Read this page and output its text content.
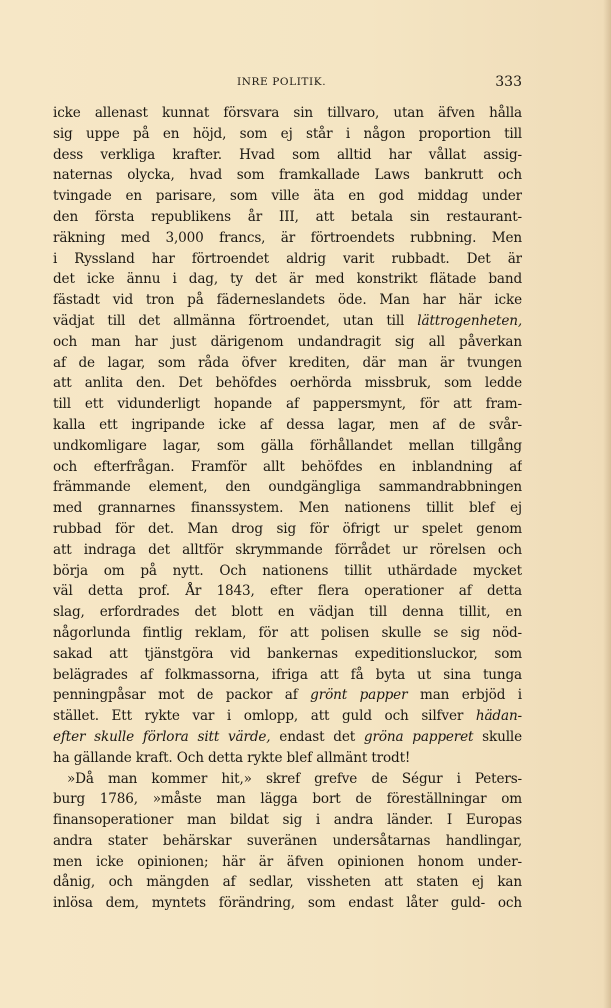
INRE POLITIK.	333
icke allenast kunnat försvara sin tillvaro, utan äfven hålla
sig uppe på en höjd, som ej står i någon proportion till
dess verkliga krafter. Hvad som alltid har vållat assig-
naternas olycka, hvad som framkallade Laws bankrutt och
tvingade en parisare, som ville äta en god middag under
den första republikens år III, att betala sin restaurant-
räkning med 3,000 francs, är förtroendets rubbning. Men
i Ryssland har förtroendet aldrig varit rubbadt. Det är
det icke ännu i dag, ty det är med konstrikt flätade band
fästadt vid tron på fäderneslandets öde. Man har här icke
vädjat till det allmänna förtroendet, utan till lättrogenheten,
och man har just därigenom undandragit sig all påverkan
af de lagar, som råda öfver krediten, där man är tvungen
att anlita den. Det behöfdes oerhörda missbruk, som ledde
till ett vidunderligt hopande af pappersmynt, för att fram-
kalla ett ingripande icke af dessa lagar, men af de svår-
undkomligare lagar, som gälla förhållandet mellan tillgång
och efterfrågan. Framför allt behöfdes en inblandning af
främmande element, den oundgängliga sammandrabbningen
med grannarnes finanssystem. Men nationens tillit blef ej
rubbad för det. Man drog sig för öfrigt ur spelet genom
att indraga det alltför skrymmande förrådet ur rörelsen och
börja om på nytt. Och nationens tillit uthärdade mycket
väl detta prof. År 1843, efter flera operationer af detta
slag, erfordrades det blott en vädjan till denna tillit, en
någorlunda fintlig reklam, för att polisen skulle se sig nöd-
sakad att tjänstgöra vid bankernas expeditionsluckor, som
belägrades af folkmassorna, ifriga att få byta ut sina tunga
penningpåsar mot de packor af grönt papper man erbjöd i
stället. Ett rykte var i omlopp, att guld och silfver hädan-
efter skulle förlora sitt värde, endast det gröna papperet skulle
ha gällande kraft. Och detta rykte blef allmänt trodt!
»Då man kommer hit,» skref grefve de Ségur i Peters-
burg 1786, »måste man lägga bort de föreställningar om
finansoperationer man bildat sig i andra länder. I Europas
andra stater behärskar suveränen undersåtarnas handlingar,
men icke opinionen; här är äfven opinionen honom under-
dånig, och mängden af sedlar, vissheten att staten ej kan
inlösa dem, myntets förändring, som endast låter guld- och
